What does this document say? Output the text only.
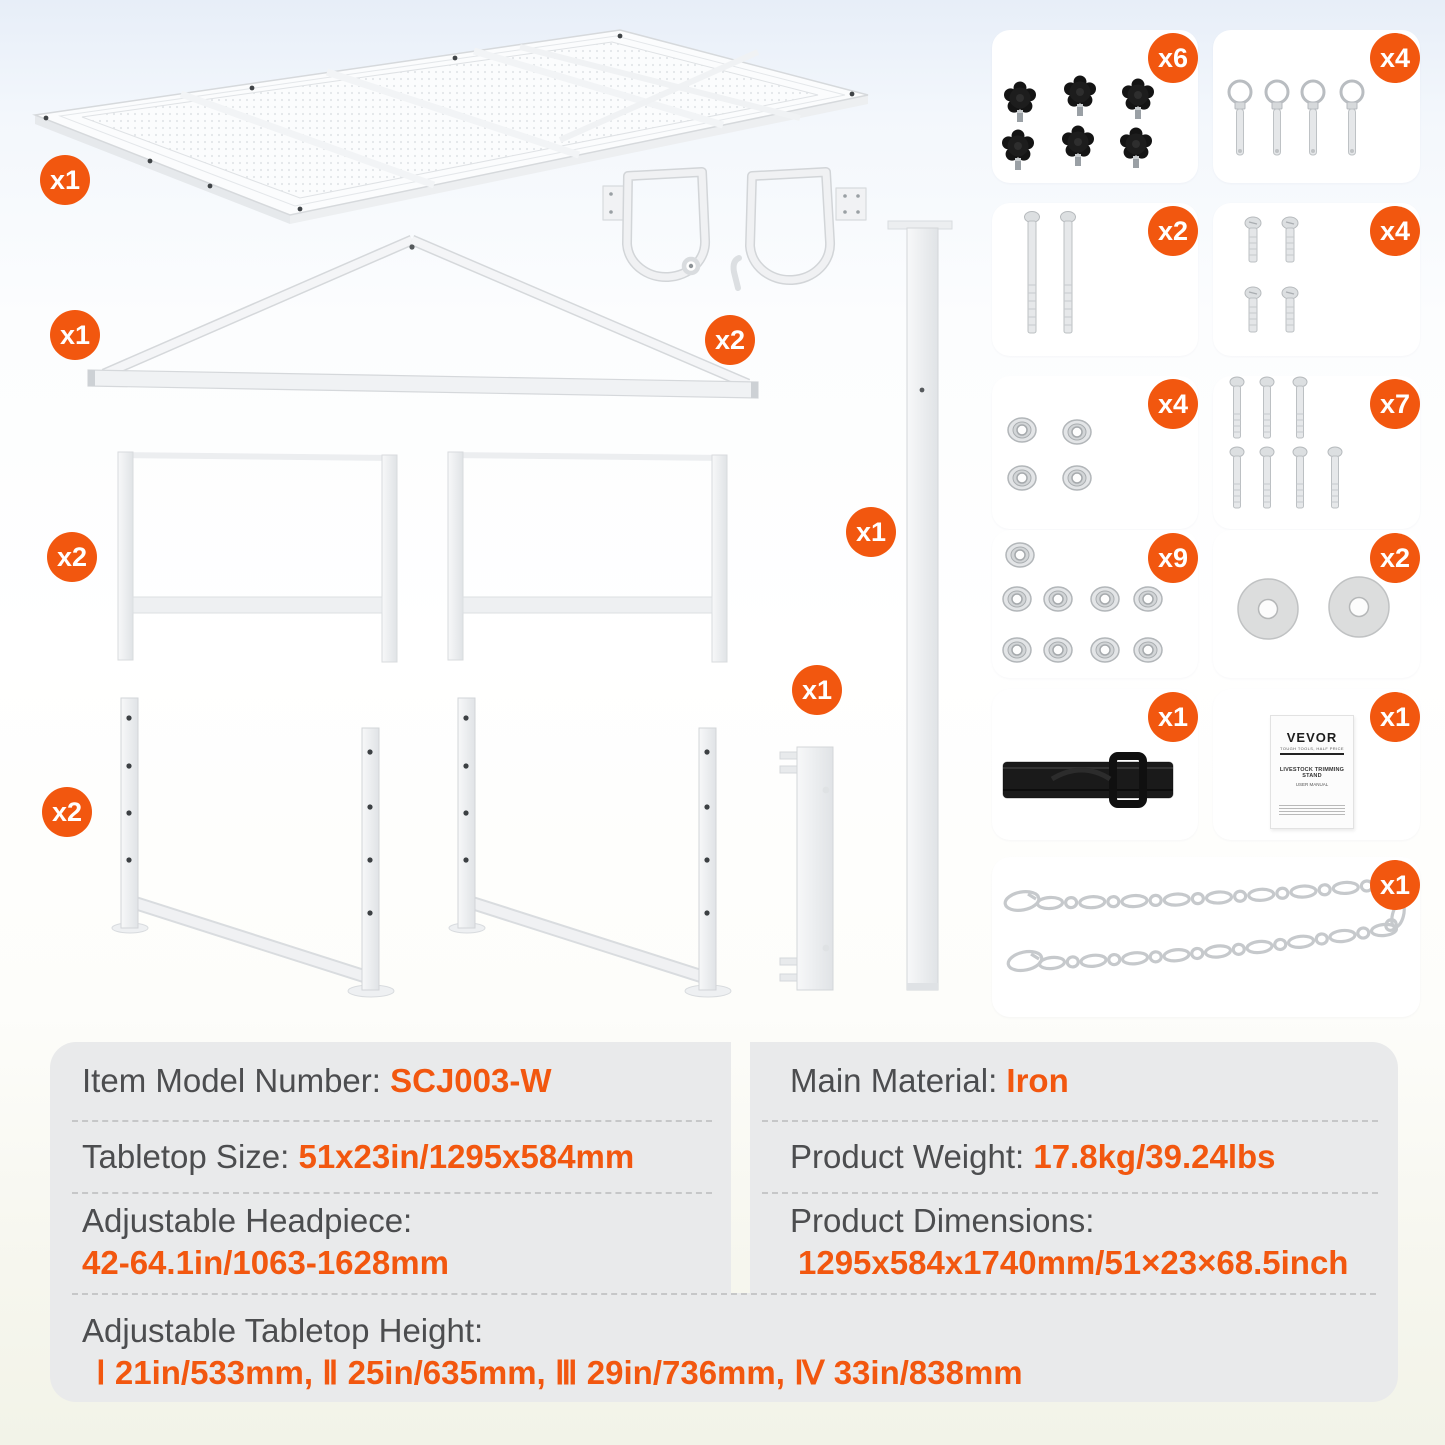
x1
x1	x2
x2
x2
x1
x1
x6	x4
x2	x4
x4	x7
x9	x2
x1
VEVOR
TOUGH TOOLS, HALF PRICE
LIVESTOCK TRIMMING STAND
USER MANUAL
x1
x1
Item Model Number: SCJ003-W	Main Material: Iron
Tabletop Size: 51x23in/1295x584mm	Product Weight: 17.8kg/39.24lbs
Adjustable Headpiece:
42-64.1in/1063-1628mm
Product Dimensions:
1295x584x1740mm/51×23×68.5inch
Adjustable Tabletop Height:
Ⅰ 21in/533mm, Ⅱ 25in/635mm, Ⅲ 29in/736mm, Ⅳ 33in/838mm
